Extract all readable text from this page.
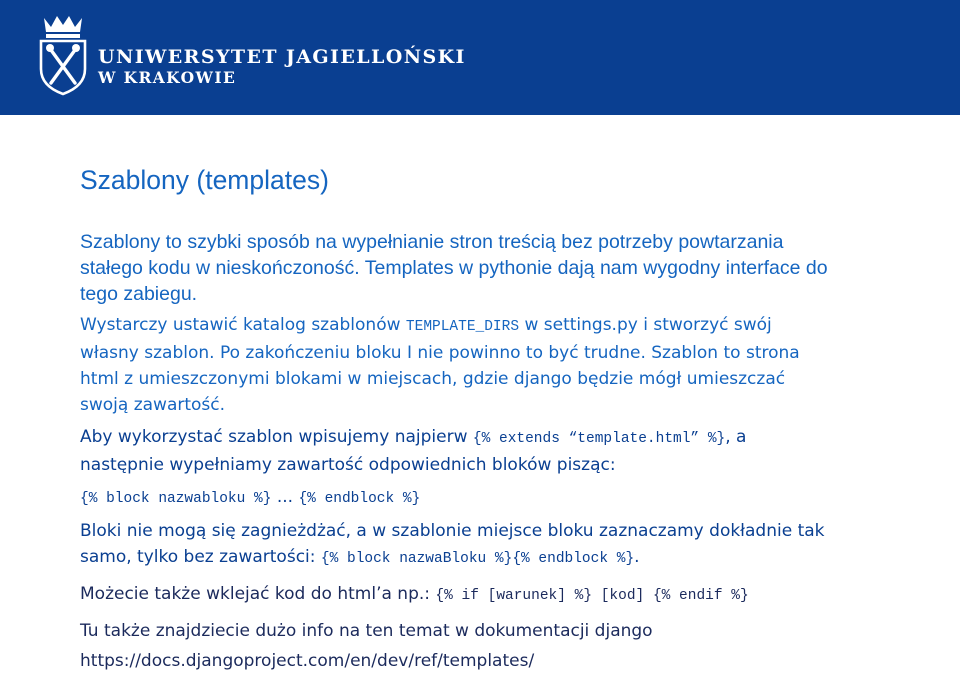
UNIWERSYTET JAGIELLOŃSKI
W KRAKOWIE
Szablony (templates)

Szablony to szybki sposób na wypełnianie stron treścią bez potrzeby powtarzania

stałego kodu w nieskończoność. Templates w pythonie dają nam wygodny interface do

tego zabiegu.

Wystarczy ustawić katalog szablonów TEMPLATE_DIRS w settings.py i stworzyć swój

własny szablon. Po zakończeniu bloku I nie powinno to być trudne. Szablon to strona

html z umieszczonymi blokami w miejscach, gdzie django będzie mógł umieszczać

swoją zawartość.

Aby wykorzystać szablon wpisujemy najpierw {% extends “template.html” %}, a

następnie wypełniamy zawartość odpowiednich bloków pisząc:

{% block nazwabloku %} ... {% endblock %}

Bloki nie mogą się zagnieżdżać, a w szablonie miejsce bloku zaznaczamy dokładnie tak

samo, tylko bez zawartości: {% block nazwaBloku %}{% endblock %}.

Możecie także wklejać kod do html’a np.: {% if [warunek] %} [kod] {% endif %}

Tu także znajdziecie dużo info na ten temat w dokumentacji django

https://docs.djangoproject.com/en/dev/ref/templates/
